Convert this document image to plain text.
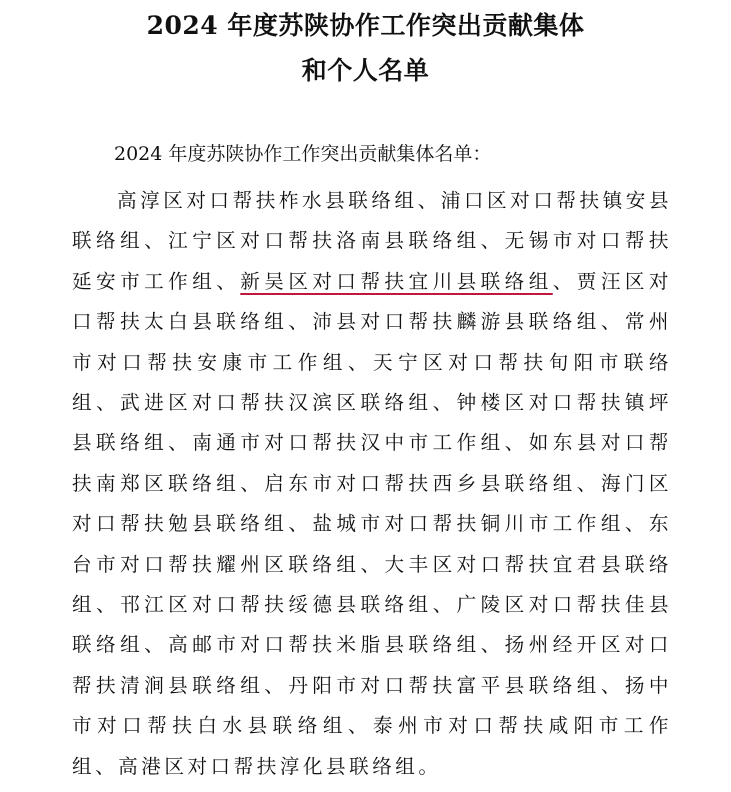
2024 年度苏陕协作工作突出贡献集体
和个人名单
2024 年度苏陕协作工作突出贡献集体名单：
高淳区对口帮扶柞水县联络组、浦口区对口帮扶镇安县联络组、江宁区对口帮扶洛南县联络组、无锡市对口帮扶延安市工作组、新吴区对口帮扶宜川县联络组、贾汪区对口帮扶太白县联络组、沛县对口帮扶麟游县联络组、常州市对口帮扶安康市工作组、天宁区对口帮扶旬阳市联络组、武进区对口帮扶汉滨区联络组、钟楼区对口帮扶镇坪县联络组、南通市对口帮扶汉中市工作组、如东县对口帮扶南郑区联络组、启东市对口帮扶西乡县联络组、海门区对口帮扶勉县联络组、盐城市对口帮扶铜川市工作组、东台市对口帮扶耀州区联络组、大丰区对口帮扶宜君县联络组、邗江区对口帮扶绥德县联络组、广陵区对口帮扶佳县联络组、高邮市对口帮扶米脂县联络组、扬州经开区对口帮扶清涧县联络组、丹阳市对口帮扶富平县联络组、扬中市对口帮扶白水县联络组、泰州市对口帮扶咸阳市工作组、高港区对口帮扶淳化县联络组。
